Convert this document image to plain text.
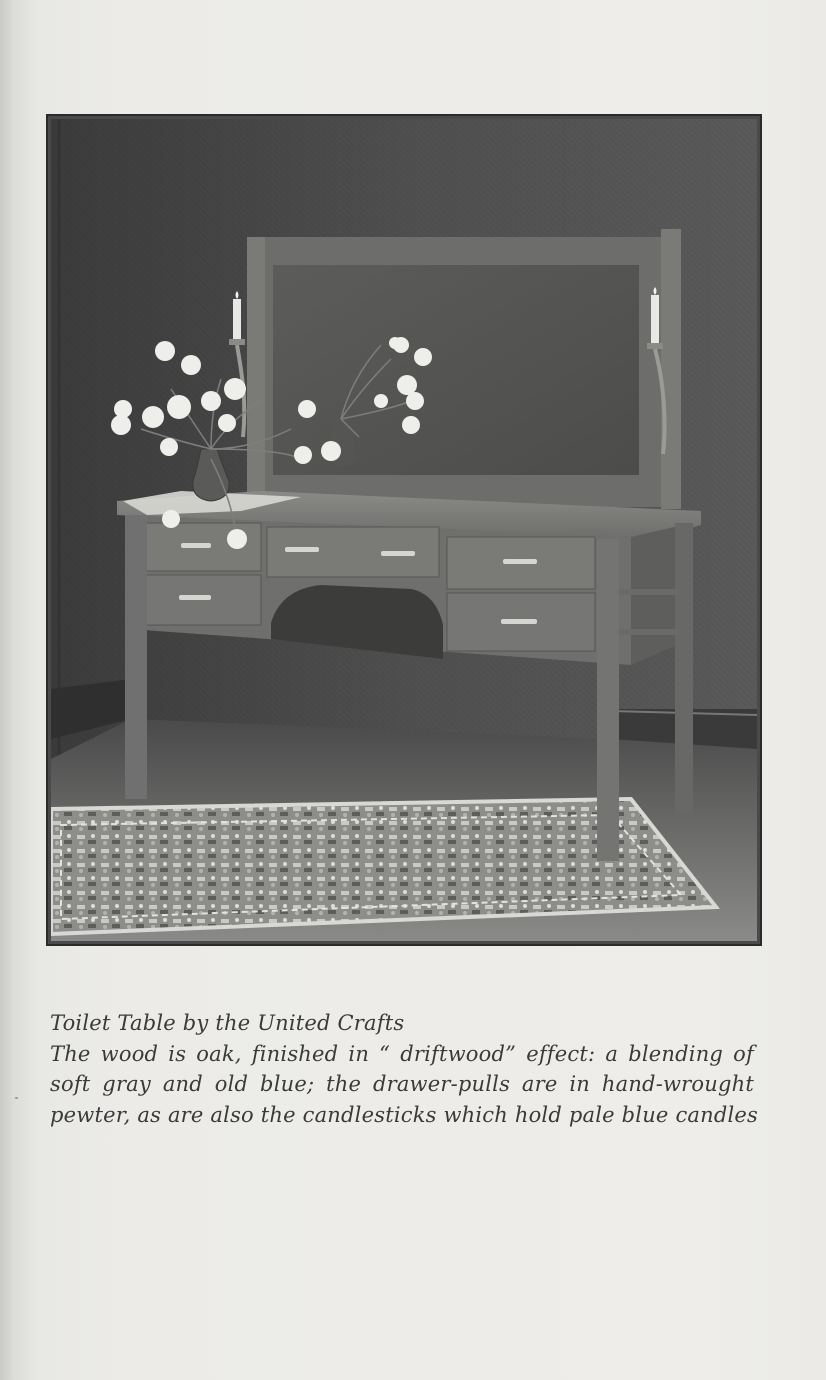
Toilet Table by the United Crafts
The wood is oak, finished in “ driftwood” effect: a blending of
soft gray and old blue; the drawer-pulls are in hand-wrought
pewter, as are also the candlesticks which hold pale blue candles
